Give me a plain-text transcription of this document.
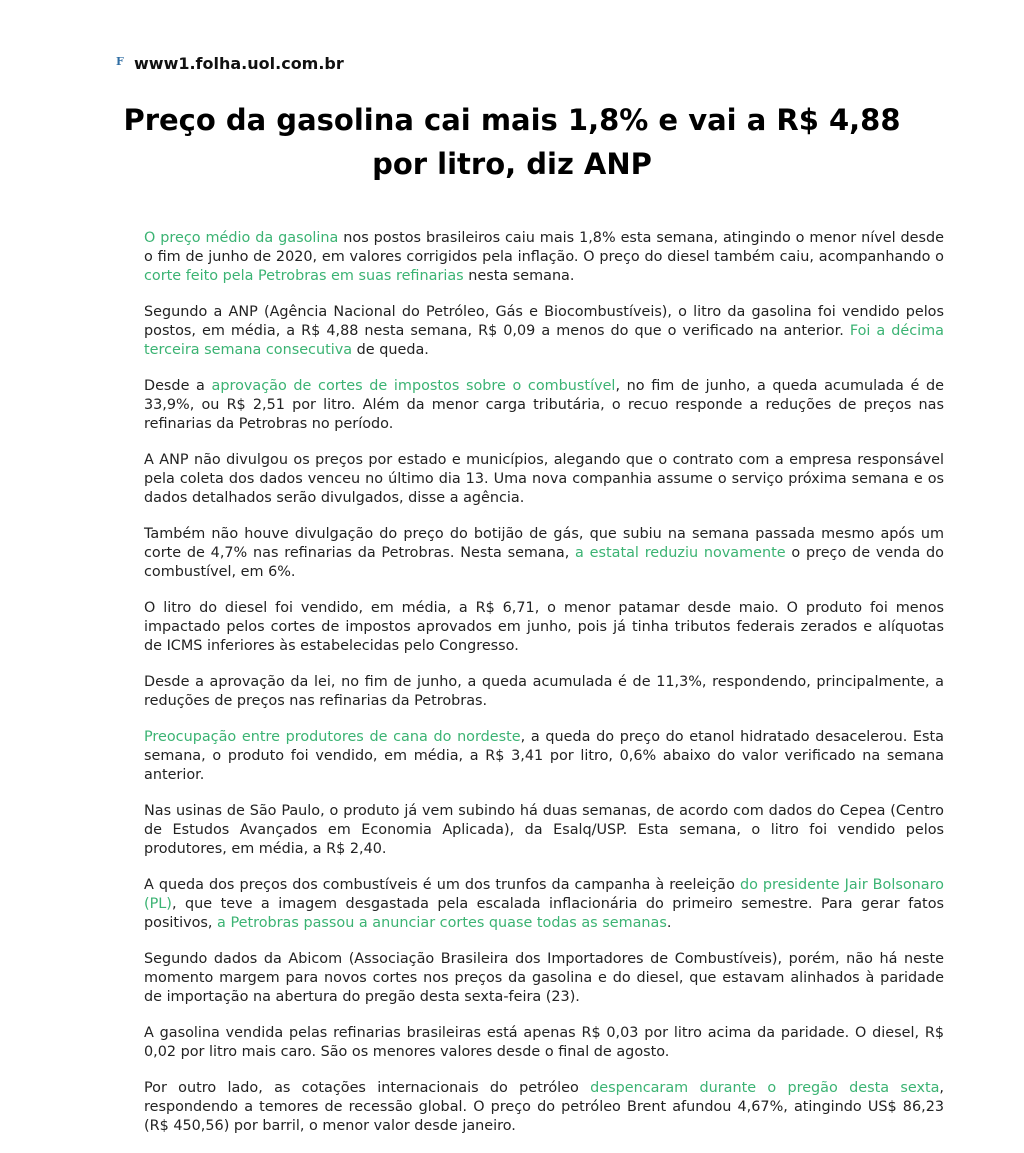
F www1.folha.uol.com.br
Preço da gasolina cai mais 1,8% e vai a R$ 4,88 por litro, diz ANP

O preço médio da gasolina nos postos brasileiros caiu mais 1,8% esta semana, atingindo o menor nível desde o fim de junho de 2020, em valores corrigidos pela inflação. O preço do diesel também caiu, acompanhando o corte feito pela Petrobras em suas refinarias nesta semana.

Segundo a ANP (Agência Nacional do Petróleo, Gás e Biocombustíveis), o litro da gasolina foi vendido pelos postos, em média, a R$ 4,88 nesta semana, R$ 0,09 a menos do que o verificado na anterior. Foi a décima terceira semana consecutiva de queda.

Desde a aprovação de cortes de impostos sobre o combustível, no fim de junho, a queda acumulada é de 33,9%, ou R$ 2,51 por litro. Além da menor carga tributária, o recuo responde a reduções de preços nas refinarias da Petrobras no período.

A ANP não divulgou os preços por estado e municípios, alegando que o contrato com a empresa responsável pela coleta dos dados venceu no último dia 13. Uma nova companhia assume o serviço próxima semana e os dados detalhados serão divulgados, disse a agência.

Também não houve divulgação do preço do botijão de gás, que subiu na semana passada mesmo após um corte de 4,7% nas refinarias da Petrobras. Nesta semana, a estatal reduziu novamente o preço de venda do combustível, em 6%.

O litro do diesel foi vendido, em média, a R$ 6,71, o menor patamar desde maio. O produto foi menos impactado pelos cortes de impostos aprovados em junho, pois já tinha tributos federais zerados e alíquotas de ICMS inferiores às estabelecidas pelo Congresso.

Desde a aprovação da lei, no fim de junho, a queda acumulada é de 11,3%, respondendo, principalmente, a reduções de preços nas refinarias da Petrobras.

Preocupação entre produtores de cana do nordeste, a queda do preço do etanol hidratado desacelerou. Esta semana, o produto foi vendido, em média, a R$ 3,41 por litro, 0,6% abaixo do valor verificado na semana anterior.

Nas usinas de São Paulo, o produto já vem subindo há duas semanas, de acordo com dados do Cepea (Centro de Estudos Avançados em Economia Aplicada), da Esalq/USP. Esta semana, o litro foi vendido pelos produtores, em média, a R$ 2,40.

A queda dos preços dos combustíveis é um dos trunfos da campanha à reeleição do presidente Jair Bolsonaro (PL), que teve a imagem desgastada pela escalada inflacionária do primeiro semestre. Para gerar fatos positivos, a Petrobras passou a anunciar cortes quase todas as semanas.

Segundo dados da Abicom (Associação Brasileira dos Importadores de Combustíveis), porém, não há neste momento margem para novos cortes nos preços da gasolina e do diesel, que estavam alinhados à paridade de importação na abertura do pregão desta sexta-feira (23).

A gasolina vendida pelas refinarias brasileiras está apenas R$ 0,03 por litro acima da paridade. O diesel, R$ 0,02 por litro mais caro. São os menores valores desde o final de agosto.

Por outro lado, as cotações internacionais do petróleo despencaram durante o pregão desta sexta, respondendo a temores de recessão global. O preço do petróleo Brent afundou 4,67%, atingindo US$ 86,23 (R$ 450,56) por barril, o menor valor desde janeiro.
